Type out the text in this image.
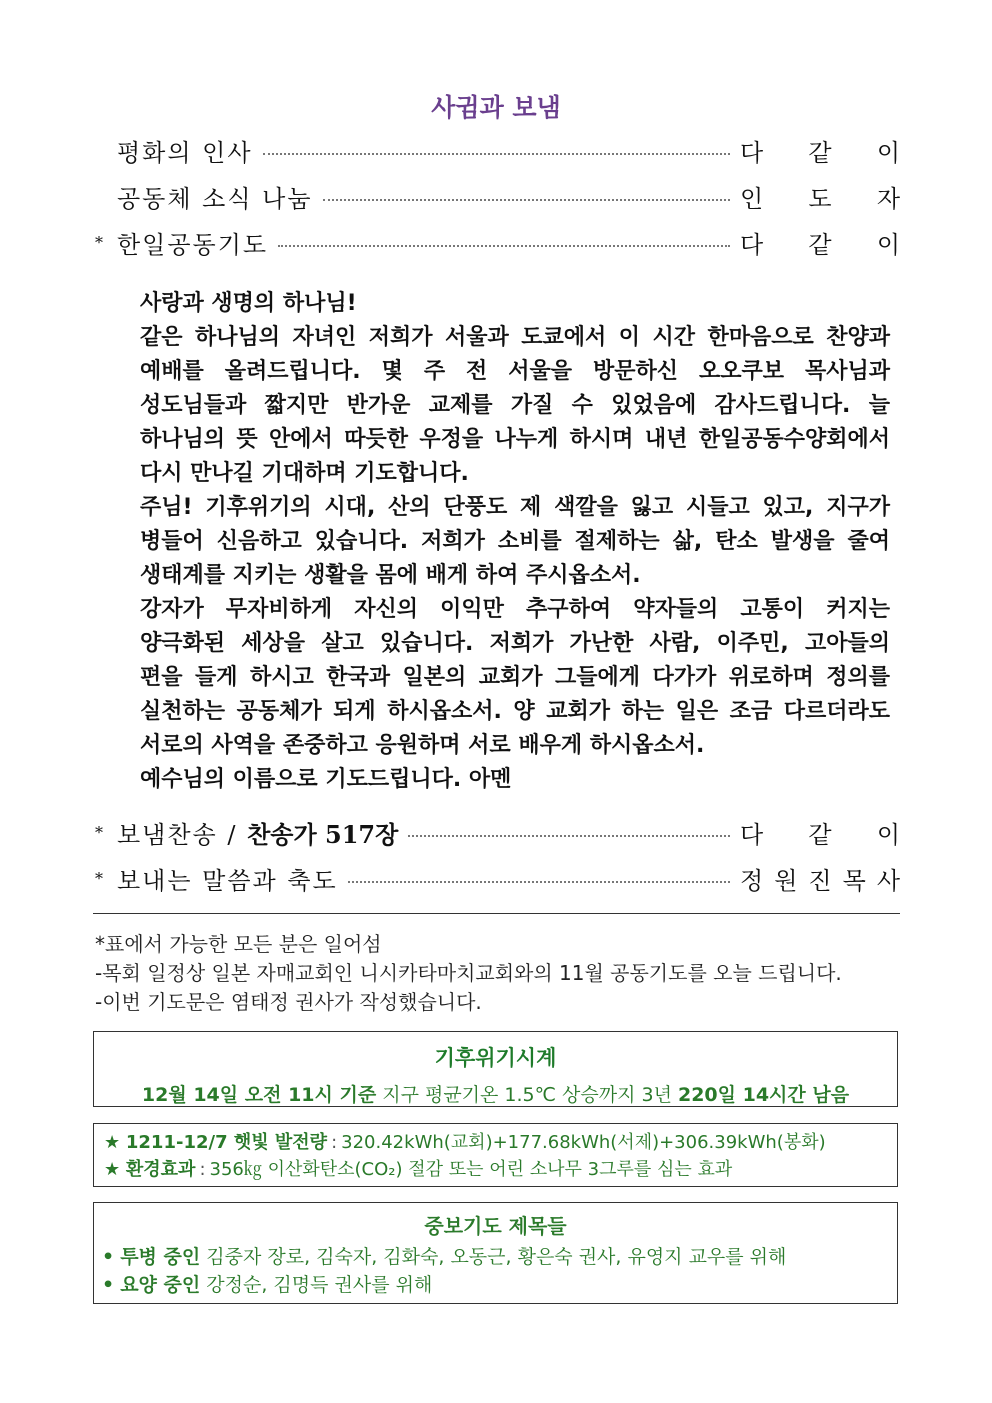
사귐과 보냄
평화의 인사	다 같 이
공동체 소식 나눔	인 도 자
* 한일공동기도	다 같 이
사랑과 생명의 하나님!
같은 하나님의 자녀인 저희가 서울과 도쿄에서 이 시간 한마음으로 찬양과
예배를 올려드립니다. 몇 주 전 서울을 방문하신 오오쿠보 목사님과
성도님들과 짧지만 반가운 교제를 가질 수 있었음에 감사드립니다. 늘
하나님의 뜻 안에서 따듯한 우정을 나누게 하시며 내년 한일공동수양회에서
다시 만나길 기대하며 기도합니다.
주님! 기후위기의 시대, 산의 단풍도 제 색깔을 잃고 시들고 있고, 지구가
병들어 신음하고 있습니다. 저희가 소비를 절제하는 삶, 탄소 발생을 줄여
생태계를 지키는 생활을 몸에 배게 하여 주시옵소서.
강자가 무자비하게 자신의 이익만 추구하여 약자들의 고통이 커지는
양극화된 세상을 살고 있습니다. 저희가 가난한 사람, 이주민, 고아들의
편을 들게 하시고 한국과 일본의 교회가 그들에게 다가가 위로하며 정의를
실천하는 공동체가 되게 하시옵소서. 양 교회가 하는 일은 조금 다르더라도
서로의 사역을 존중하고 응원하며 서로 배우게 하시옵소서.
예수님의 이름으로 기도드립니다. 아멘
* 보냄찬송 / 찬송가 517장	다 같 이
* 보내는 말씀과 축도	정 원 진 목 사
*표에서 가능한 모든 분은 일어섬
-목회 일정상 일본 자매교회인 니시카타마치교회와의 11월 공동기도를 오늘 드립니다.
-이번 기도문은 염태정 권사가 작성했습니다.
기후위기시계
12월 14일 오전 11시 기준 지구 평균기온 1.5℃ 상승까지 3년 220일 14시간 남음
★ 1211-12/7 햇빛 발전량 : 320.42kWh(교회)+177.68kWh(서제)+306.39kWh(봉화)
★ 환경효과 : 356㎏ 이산화탄소(CO₂) 절감 또는 어린 소나무 3그루를 심는 효과
중보기도 제목들
• 투병 중인 김중자 장로, 김숙자, 김화숙, 오동근, 황은숙 권사, 유영지 교우를 위해
• 요양 중인 강정순, 김명득 권사를 위해
